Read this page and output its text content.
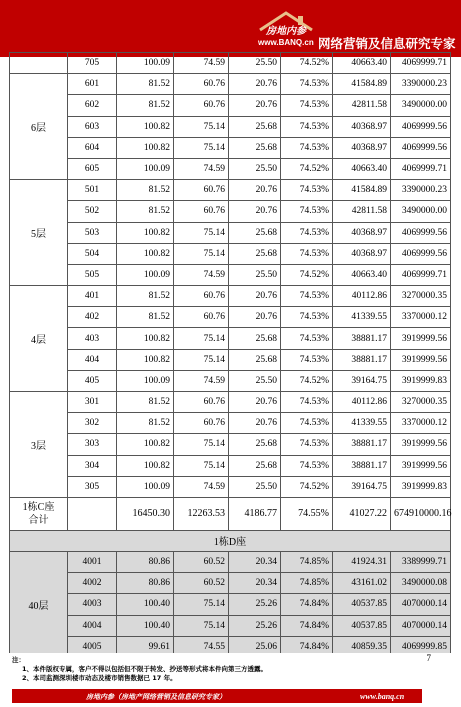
房地内参
www.BANQ.cn 网络营销及信息研究专家
	705	100.09	74.59	25.50	74.52%	40663.40	4069999.71
6层	601	81.52	60.76	20.76	74.53%	41584.89	3390000.23
	602	81.52	60.76	20.76	74.53%	42811.58	3490000.00
	603	100.82	75.14	25.68	74.53%	40368.97	4069999.56
	604	100.82	75.14	25.68	74.53%	40368.97	4069999.56
	605	100.09	74.59	25.50	74.52%	40663.40	4069999.71
5层	501	81.52	60.76	20.76	74.53%	41584.89	3390000.23
	502	81.52	60.76	20.76	74.53%	42811.58	3490000.00
	503	100.82	75.14	25.68	74.53%	40368.97	4069999.56
	504	100.82	75.14	25.68	74.53%	40368.97	4069999.56
	505	100.09	74.59	25.50	74.52%	40663.40	4069999.71
4层	401	81.52	60.76	20.76	74.53%	40112.86	3270000.35
	402	81.52	60.76	20.76	74.53%	41339.55	3370000.12
	403	100.82	75.14	25.68	74.53%	38881.17	3919999.56
	404	100.82	75.14	25.68	74.53%	38881.17	3919999.56
	405	100.09	74.59	25.50	74.52%	39164.75	3919999.83
3层	301	81.52	60.76	20.76	74.53%	40112.86	3270000.35
	302	81.52	60.76	20.76	74.53%	41339.55	3370000.12
	303	100.82	75.14	25.68	74.53%	38881.17	3919999.56
	304	100.82	75.14	25.68	74.53%	38881.17	3919999.56
	305	100.09	74.59	25.50	74.52%	39164.75	3919999.83
1栋C座
合计		16450.30	12263.53	4186.77	74.55%	41027.22	674910000.16
1栋D座							
40层	4001	80.86	60.52	20.34	74.85%	41924.31	3389999.71
	4002	80.86	60.52	20.34	74.85%	43161.02	3490000.08
	4003	100.40	75.14	25.26	74.84%	40537.85	4070000.14
	4004	100.40	75.14	25.26	74.84%	40537.85	4070000.14
	4005	99.61	74.55	25.06	74.84%	40859.35	4069999.85
注：
1、本件版权专属，客户不得以包括但不限于转发、抄送等形式将本件向第三方透露。
2、本司监测深圳楼市动态及楼市销售数据已 17 年。
7
房地内参（房地产网络营销及信息研究专家）	www.banq.cn
